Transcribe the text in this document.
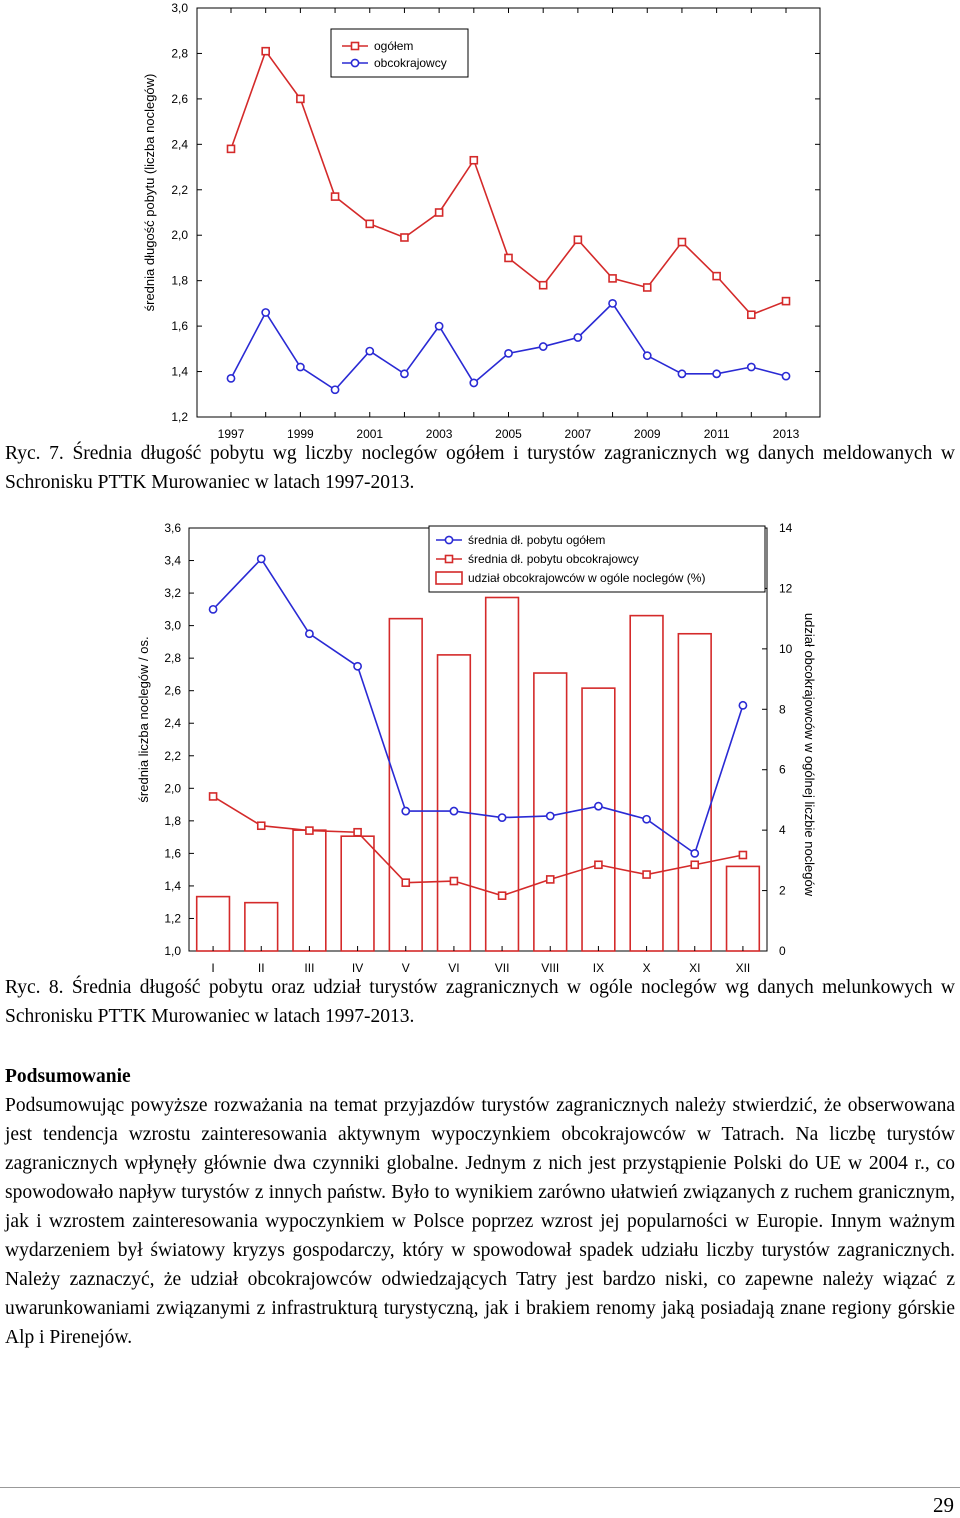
1,2
1,4
1,6
1,8
2,0
2,2
2,4
2,6
2,8
3,0
1997	1999	2001	2003	2005	2007	2009	2011	2013
średnia długość pobytu (liczba noclegów)
ogółem
obcokrajowcy
Ryc. 7. Średnia długość pobytu wg liczby noclegów ogółem i turystów zagranicznych wg danych meldowanych w Schronisku PTTK Murowaniec w latach 1997-2013.
1,0
1,2
1,4
1,6
1,8
2,0
2,2
2,4
2,6
2,8
3,0
3,2
3,4
3,6
0
2
4
6
8
10
12
14
I	II	III	IV	V	VI	VII	VIII	IX	X	XI	XII
średnia liczba noclegów / os.	udział obcokrajowców w ogólnej liczbie noclegów
średnia dł. pobytu ogółem
średnia dł. pobytu obcokrajowcy
udział obcokrajowców w ogóle noclegów (%)
Ryc. 8. Średnia długość pobytu oraz udział turystów zagranicznych w ogóle noclegów wg danych melunkowych w Schronisku PTTK Murowaniec w latach 1997-2013.
Podsumowanie

Podsumowując powyższe rozważania na temat przyjazdów turystów zagranicznych należy stwierdzić, że obserwowana jest tendencja wzrostu zainteresowania aktywnym wypoczynkiem obcokrajowców w Tatrach. Na liczbę turystów zagranicznych wpłynęły głównie dwa czynniki globalne. Jednym z nich jest przystąpienie Polski do UE w 2004 r., co spowodowało napływ turystów z innych państw. Było to wynikiem zarówno ułatwień związanych z ruchem granicznym, jak i wzrostem zainteresowania wypoczynkiem w Polsce poprzez wzrost jej popularności w Europie. Innym ważnym wydarzeniem był światowy kryzys gospodarczy, który w spowodował spadek udziału liczby turystów zagranicznych. Należy zaznaczyć, że udział obcokrajowców odwiedzających Tatry jest bardzo niski, co zapewne należy wiązać z uwarunkowaniami związanymi z infrastrukturą turystyczną, jak i brakiem renomy jaką posiadają znane regiony górskie Alp i Pirenejów.

29
